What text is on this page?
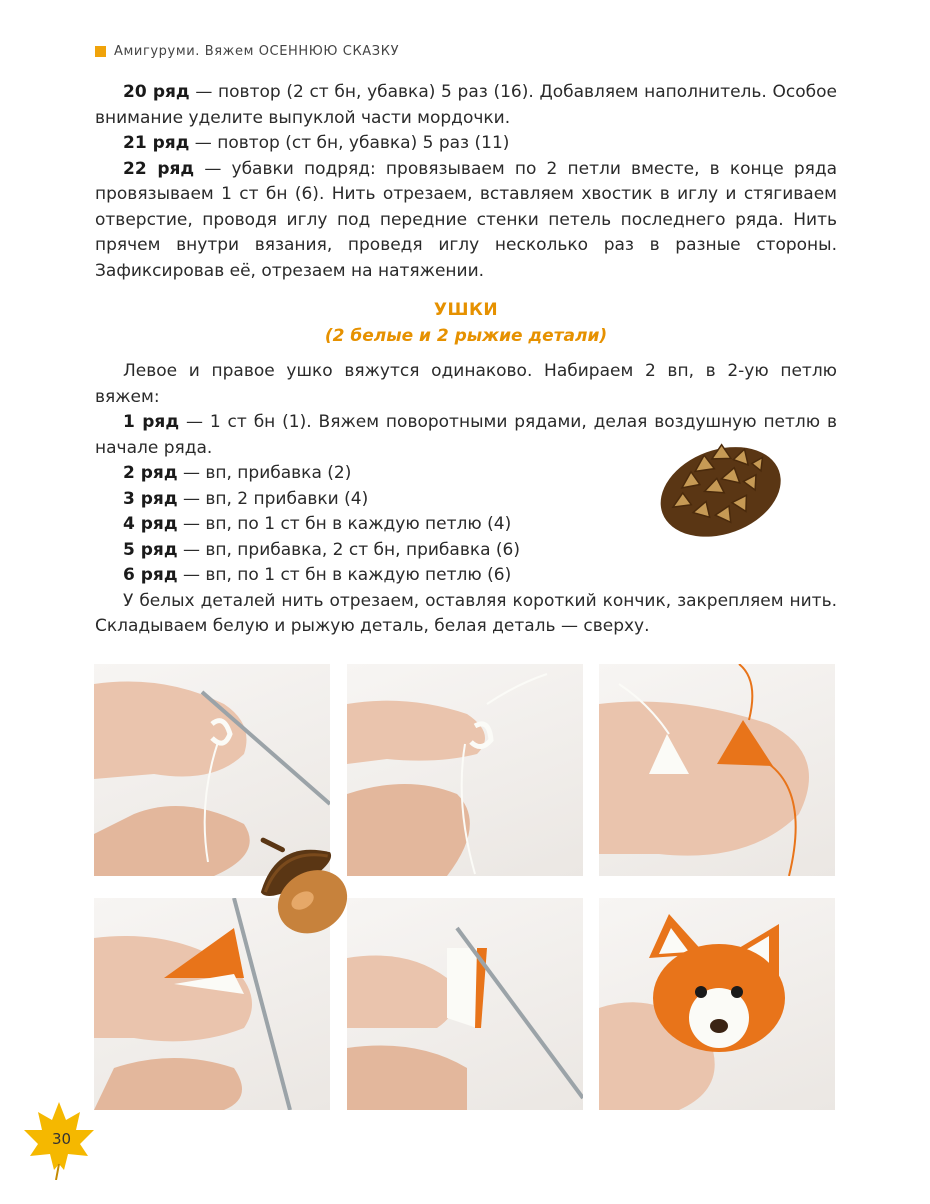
Амигуруми. Вяжем ОСЕННЮЮ СКАЗКУ

20 ряд — повтор (2 ст бн, убавка) 5 раз (16). Добавляем наполнитель. Особое внимание уделите выпуклой части мордочки.

21 ряд — повтор (ст бн, убавка) 5 раз (11)

22 ряд — убавки подряд: провязываем по 2 петли вместе, в конце ряда провязываем 1 ст бн (6). Нить отрезаем, вставляем хвостик в иглу и стягиваем отверстие, проводя иглу под передние стенки петель последнего ряда. Нить прячем внутри вязания, проведя иглу несколько раз в разные стороны. Зафиксировав её, отрезаем на натяжении.

УШКИ
(2 белые и 2 рыжие детали)

Левое и правое ушко вяжутся одинаково. Набираем 2 вп, в 2-ую петлю вяжем:

1 ряд — 1 ст бн (1). Вяжем поворотными рядами, делая воздушную петлю в начале ряда.

2 ряд — вп, прибавка (2)

3 ряд — вп, 2 прибавки (4)

4 ряд — вп, по 1 ст бн в каждую петлю (4)

5 ряд — вп, прибавка, 2 ст бн, прибавка (6)

6 ряд — вп, по 1 ст бн в каждую петлю (6)

У белых деталей нить отрезаем, оставляя короткий кончик, закрепляем нить. Складываем белую и рыжую деталь, белая деталь — сверху.

30
